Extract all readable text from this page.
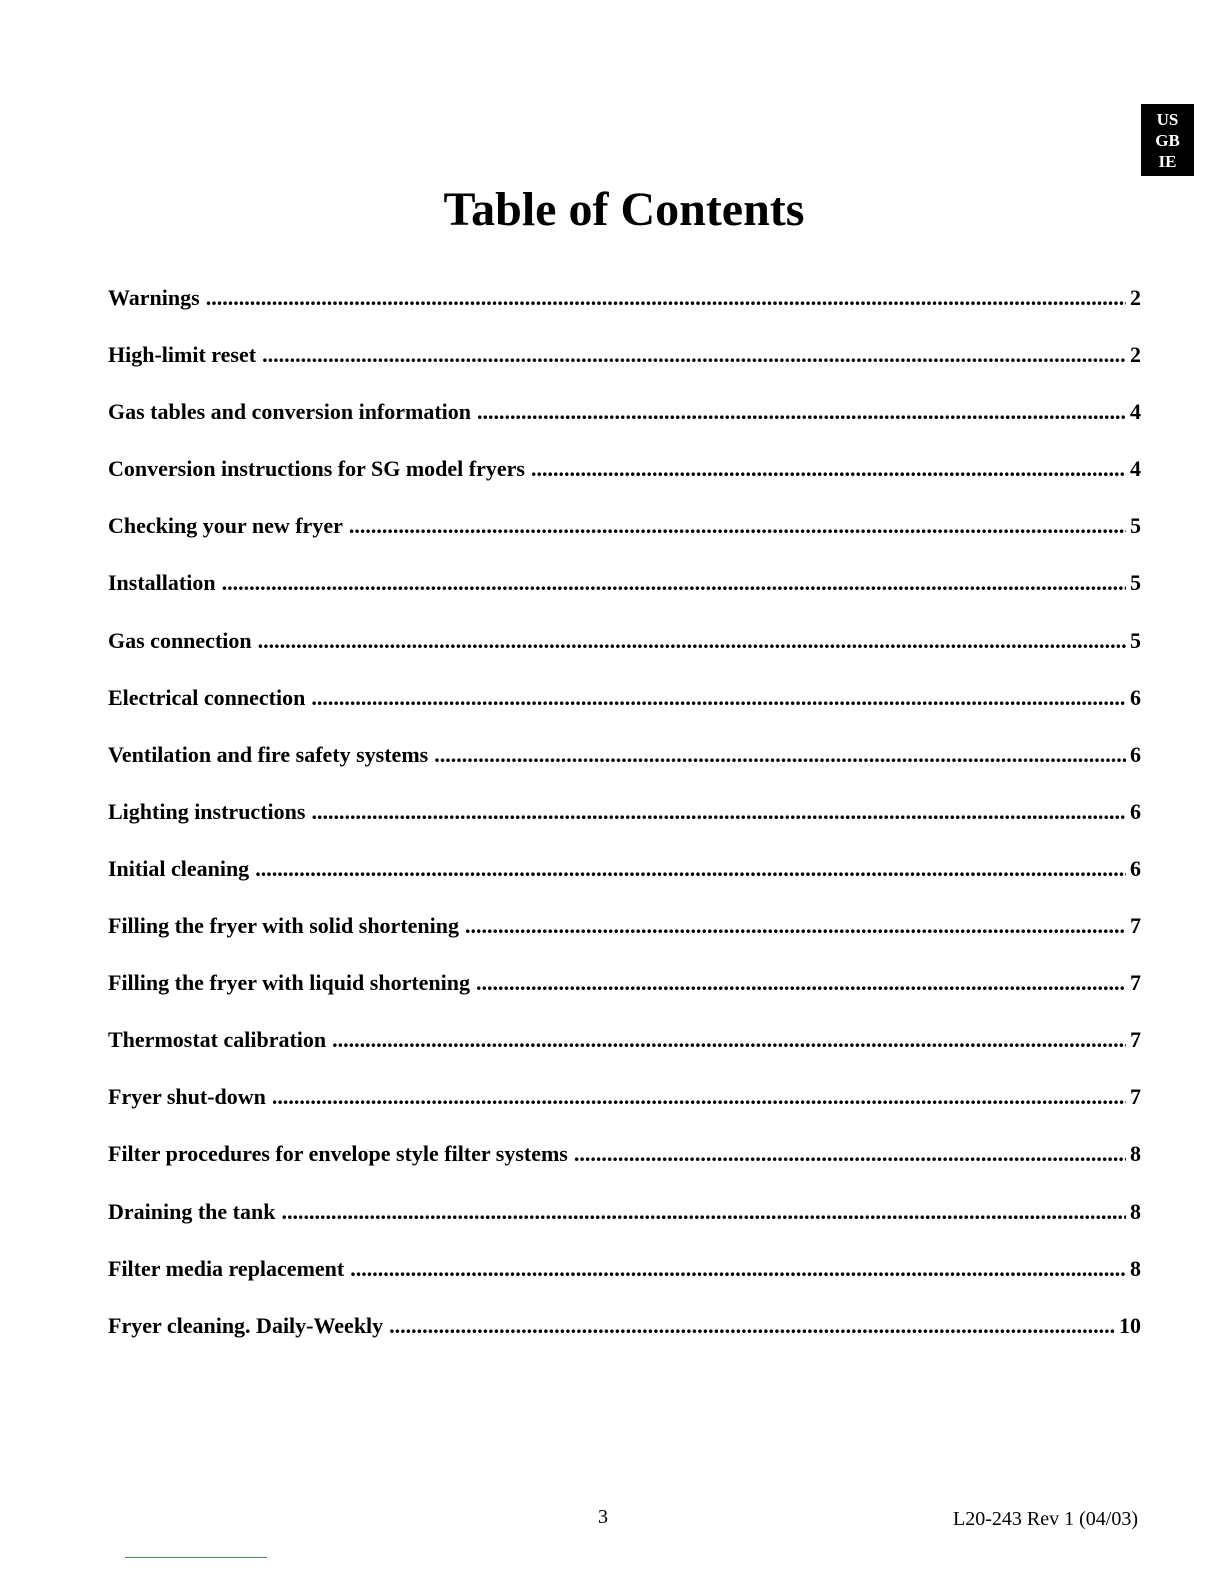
US
GB
IE
Table of Contents
Warnings .....	2
High-limit reset .....	2
Gas tables and conversion information .....	4
Conversion instructions for SG model fryers .....	4
Checking your new fryer .....	5
Installation .....	5
Gas connection .....	5
Electrical connection .....	6
Ventilation and fire safety systems .....	6
Lighting instructions .....	6
Initial cleaning .....	6
Filling the fryer with solid shortening .....	7
Filling the fryer with liquid shortening .....	7
Thermostat calibration .....	7
Fryer shut-down .....	7
Filter procedures for envelope style filter systems .....	8
Draining the tank .....	8
Filter media replacement .....	8
Fryer cleaning. Daily-Weekly .....	10
3	L20-243 Rev 1 (04/03)
